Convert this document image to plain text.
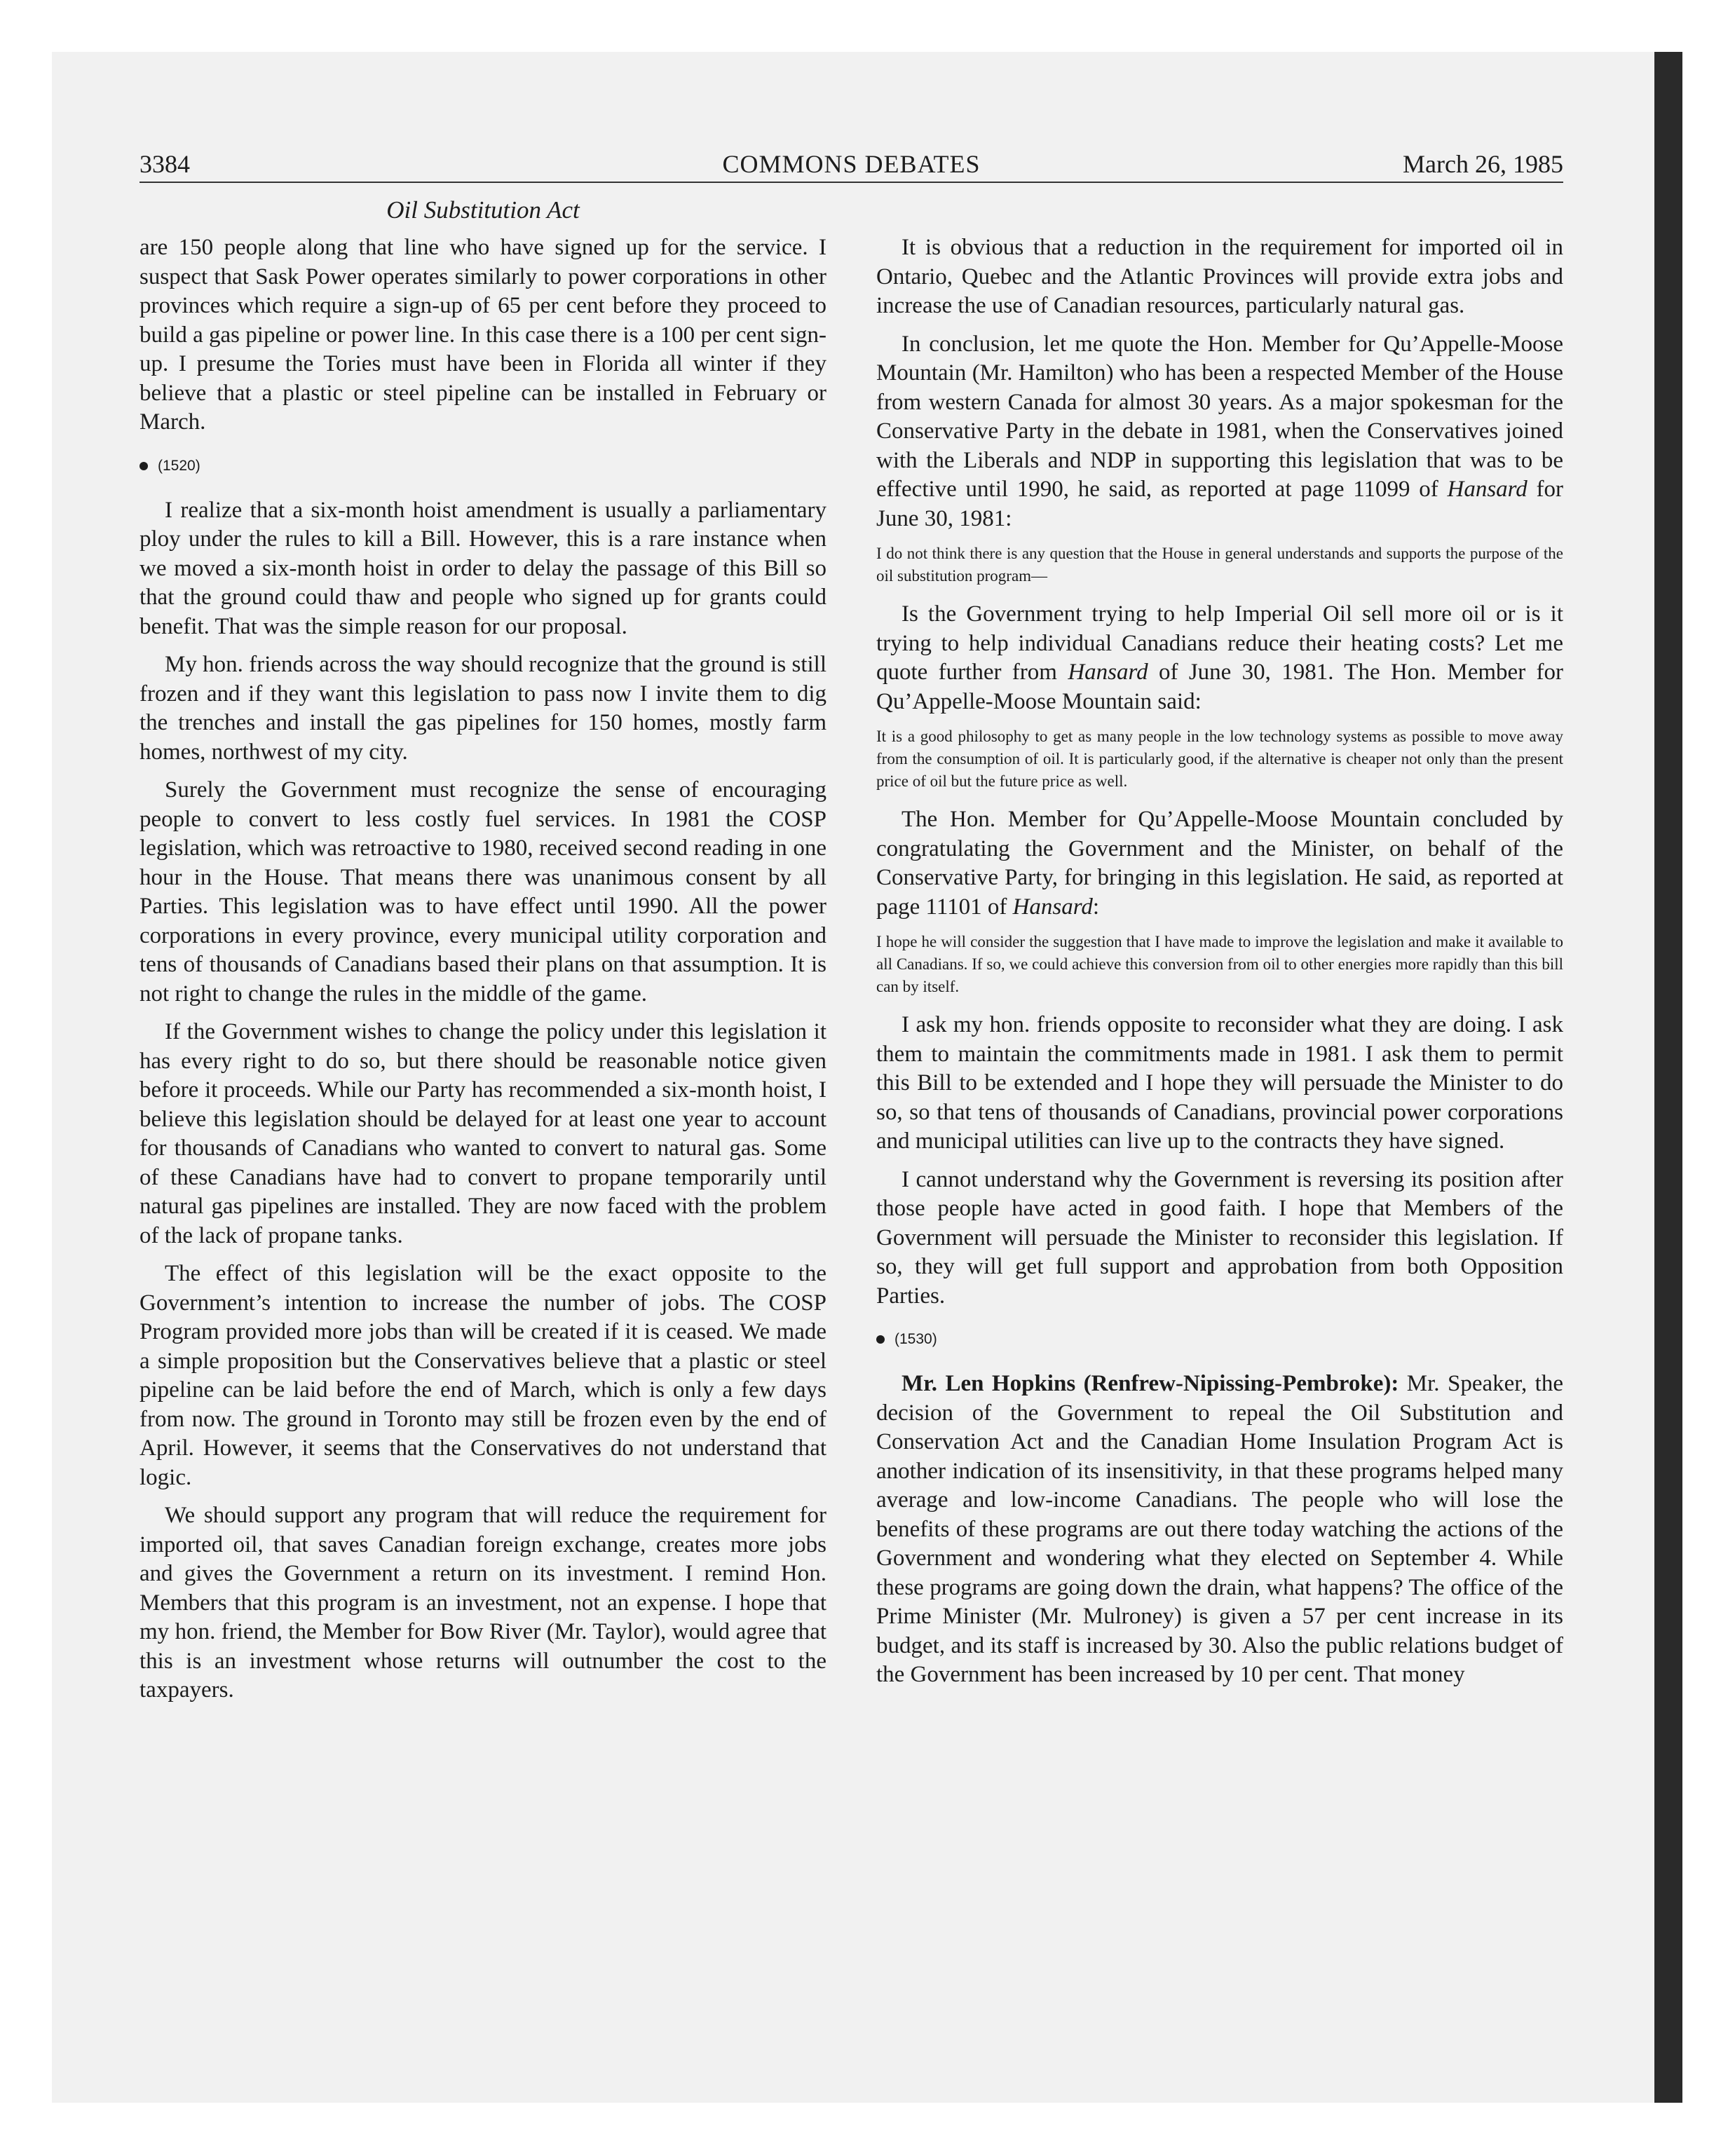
3384	COMMONS DEBATES	March 26, 1985
Oil Substitution Act

are 150 people along that line who have signed up for the service. I suspect that Sask Power operates similarly to power corporations in other provinces which require a sign-up of 65 per cent before they proceed to build a gas pipeline or power line. In this case there is a 100 per cent sign-up. I presume the Tories must have been in Florida all winter if they believe that a plastic or steel pipeline can be installed in February or March.

(1520)

I realize that a six-month hoist amendment is usually a parliamentary ploy under the rules to kill a Bill. However, this is a rare instance when we moved a six-month hoist in order to delay the passage of this Bill so that the ground could thaw and people who signed up for grants could benefit. That was the simple reason for our proposal.

My hon. friends across the way should recognize that the ground is still frozen and if they want this legislation to pass now I invite them to dig the trenches and install the gas pipelines for 150 homes, mostly farm homes, northwest of my city.

Surely the Government must recognize the sense of encouraging people to convert to less costly fuel services. In 1981 the COSP legislation, which was retroactive to 1980, received second reading in one hour in the House. That means there was unanimous consent by all Parties. This legislation was to have effect until 1990. All the power corporations in every province, every municipal utility corporation and tens of thousands of Canadians based their plans on that assumption. It is not right to change the rules in the middle of the game.

If the Government wishes to change the policy under this legislation it has every right to do so, but there should be reasonable notice given before it proceeds. While our Party has recommended a six-month hoist, I believe this legislation should be delayed for at least one year to account for thousands of Canadians who wanted to convert to natural gas. Some of these Canadians have had to convert to propane temporarily until natural gas pipelines are installed. They are now faced with the problem of the lack of propane tanks.

The effect of this legislation will be the exact opposite to the Government’s intention to increase the number of jobs. The COSP Program provided more jobs than will be created if it is ceased. We made a simple proposition but the Conservatives believe that a plastic or steel pipeline can be laid before the end of March, which is only a few days from now. The ground in Toronto may still be frozen even by the end of April. However, it seems that the Conservatives do not understand that logic.

We should support any program that will reduce the requirement for imported oil, that saves Canadian foreign exchange, creates more jobs and gives the Government a return on its investment. I remind Hon. Members that this program is an investment, not an expense. I hope that my hon. friend, the Member for Bow River (Mr. Taylor), would agree that this is an investment whose returns will outnumber the cost to the taxpayers.

It is obvious that a reduction in the requirement for imported oil in Ontario, Quebec and the Atlantic Provinces will provide extra jobs and increase the use of Canadian resources, particularly natural gas.

In conclusion, let me quote the Hon. Member for Qu’Appelle-Moose Mountain (Mr. Hamilton) who has been a respected Member of the House from western Canada for almost 30 years. As a major spokesman for the Conservative Party in the debate in 1981, when the Conservatives joined with the Liberals and NDP in supporting this legislation that was to be effective until 1990, he said, as reported at page 11099 of Hansard for June 30, 1981:

I do not think there is any question that the House in general understands and supports the purpose of the oil substitution program—

Is the Government trying to help Imperial Oil sell more oil or is it trying to help individual Canadians reduce their heating costs? Let me quote further from Hansard of June 30, 1981. The Hon. Member for Qu’Appelle-Moose Mountain said:

It is a good philosophy to get as many people in the low technology systems as possible to move away from the consumption of oil. It is particularly good, if the alternative is cheaper not only than the present price of oil but the future price as well.

The Hon. Member for Qu’Appelle-Moose Mountain concluded by congratulating the Government and the Minister, on behalf of the Conservative Party, for bringing in this legislation. He said, as reported at page 11101 of Hansard:

I hope he will consider the suggestion that I have made to improve the legislation and make it available to all Canadians. If so, we could achieve this conversion from oil to other energies more rapidly than this bill can by itself.

I ask my hon. friends opposite to reconsider what they are doing. I ask them to maintain the commitments made in 1981. I ask them to permit this Bill to be extended and I hope they will persuade the Minister to do so, so that tens of thousands of Canadians, provincial power corporations and municipal utilities can live up to the contracts they have signed.

I cannot understand why the Government is reversing its position after those people have acted in good faith. I hope that Members of the Government will persuade the Minister to reconsider this legislation. If so, they will get full support and approbation from both Opposition Parties.

(1530)

Mr. Len Hopkins (Renfrew-Nipissing-Pembroke): Mr. Speaker, the decision of the Government to repeal the Oil Substitution and Conservation Act and the Canadian Home Insulation Program Act is another indication of its insensitivity, in that these programs helped many average and low-income Canadians. The people who will lose the benefits of these programs are out there today watching the actions of the Government and wondering what they elected on September 4. While these programs are going down the drain, what happens? The office of the Prime Minister (Mr. Mulroney) is given a 57 per cent increase in its budget, and its staff is increased by 30. Also the public relations budget of the Government has been increased by 10 per cent. That money
